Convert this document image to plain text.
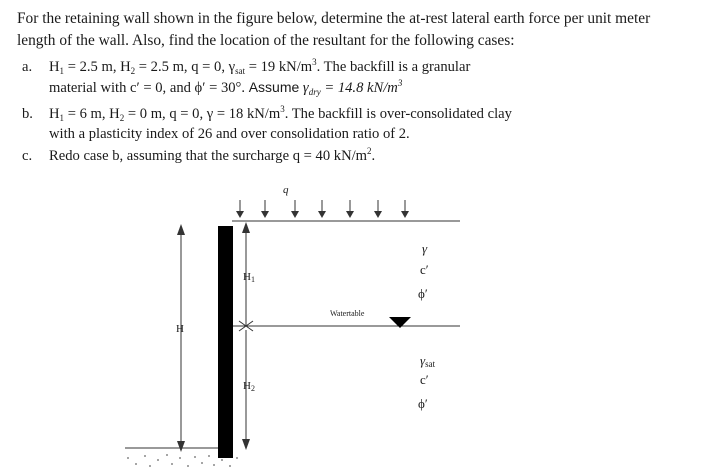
For the retaining wall shown in the figure below, determine the at-rest lateral earth force per unit meter
length of the wall. Also, find the location of the resultant for the following cases:
a.	$H_1 = 2.5$ m, $H_2 = 2.5$ m, q = 0, $\gamma_{sat} = 19$ $kN/m^3$. The backfill is a granular
material with c′ = 0, and ϕ′ = 30°. Assume $\gamma_{dry} = 14.8$ $kN/m^3$
b.	$H_1 = 6$ m, $H_2 = 0$ m, q = 0, γ = 18 $kN/m^3$. The backfill is over-consolidated clay
with a plasticity index of 26 and over consolidation ratio of 2.
c.	Redo case b, assuming that the surcharge q = 40 $kN/m^2$.
q
Watertable
H
H1
H2
γ
c′
ϕ′
γsat
c′
ϕ′
